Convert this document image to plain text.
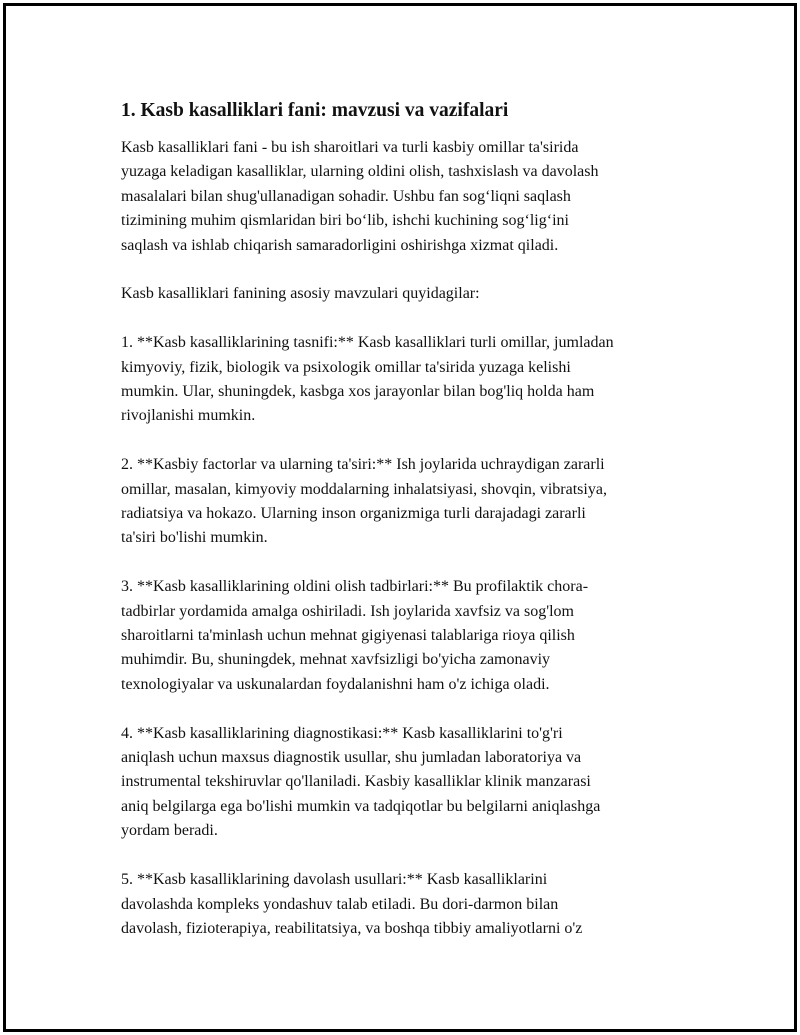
1. Kasb kasalliklari fani: mavzusi va vazifalari

Kasb kasalliklari fani - bu ish sharoitlari va turli kasbiy omillar ta'sirida
yuzaga keladigan kasalliklar, ularning oldini olish, tashxislash va davolash
masalalari bilan shug'ullanadigan sohadir. Ushbu fan sog‘liqni saqlash
tizimining muhim qismlaridan biri bo‘lib, ishchi kuchining sog‘lig‘ini
saqlash va ishlab chiqarish samaradorligini oshirishga xizmat qiladi.

Kasb kasalliklari fanining asosiy mavzulari quyidagilar:

1. **Kasb kasalliklarining tasnifi:** Kasb kasalliklari turli omillar, jumladan
kimyoviy, fizik, biologik va psixologik omillar ta'sirida yuzaga kelishi
mumkin. Ular, shuningdek, kasbga xos jarayonlar bilan bog'liq holda ham
rivojlanishi mumkin.

2. **Kasbiy factorlar va ularning ta'siri:** Ish joylarida uchraydigan zararli
omillar, masalan, kimyoviy moddalarning inhalatsiyasi, shovqin, vibratsiya,
radiatsiya va hokazo. Ularning inson organizmiga turli darajadagi zararli
ta'siri bo'lishi mumkin.

3. **Kasb kasalliklarining oldini olish tadbirlari:** Bu profilaktik chora-
tadbirlar yordamida amalga oshiriladi. Ish joylarida xavfsiz va sog'lom
sharoitlarni ta'minlash uchun mehnat gigiyenasi talablariga rioya qilish
muhimdir. Bu, shuningdek, mehnat xavfsizligi bo'yicha zamonaviy
texnologiyalar va uskunalardan foydalanishni ham o'z ichiga oladi.

4. **Kasb kasalliklarining diagnostikasi:** Kasb kasalliklarini to'g'ri
aniqlash uchun maxsus diagnostik usullar, shu jumladan laboratoriya va
instrumental tekshiruvlar qo'llaniladi. Kasbiy kasalliklar klinik manzarasi
aniq belgilarga ega bo'lishi mumkin va tadqiqotlar bu belgilarni aniqlashga
yordam beradi.

5. **Kasb kasalliklarining davolash usullari:** Kasb kasalliklarini
davolashda kompleks yondashuv talab etiladi. Bu dori-darmon bilan
davolash, fizioterapiya, reabilitatsiya, va boshqa tibbiy amaliyotlarni o'z
